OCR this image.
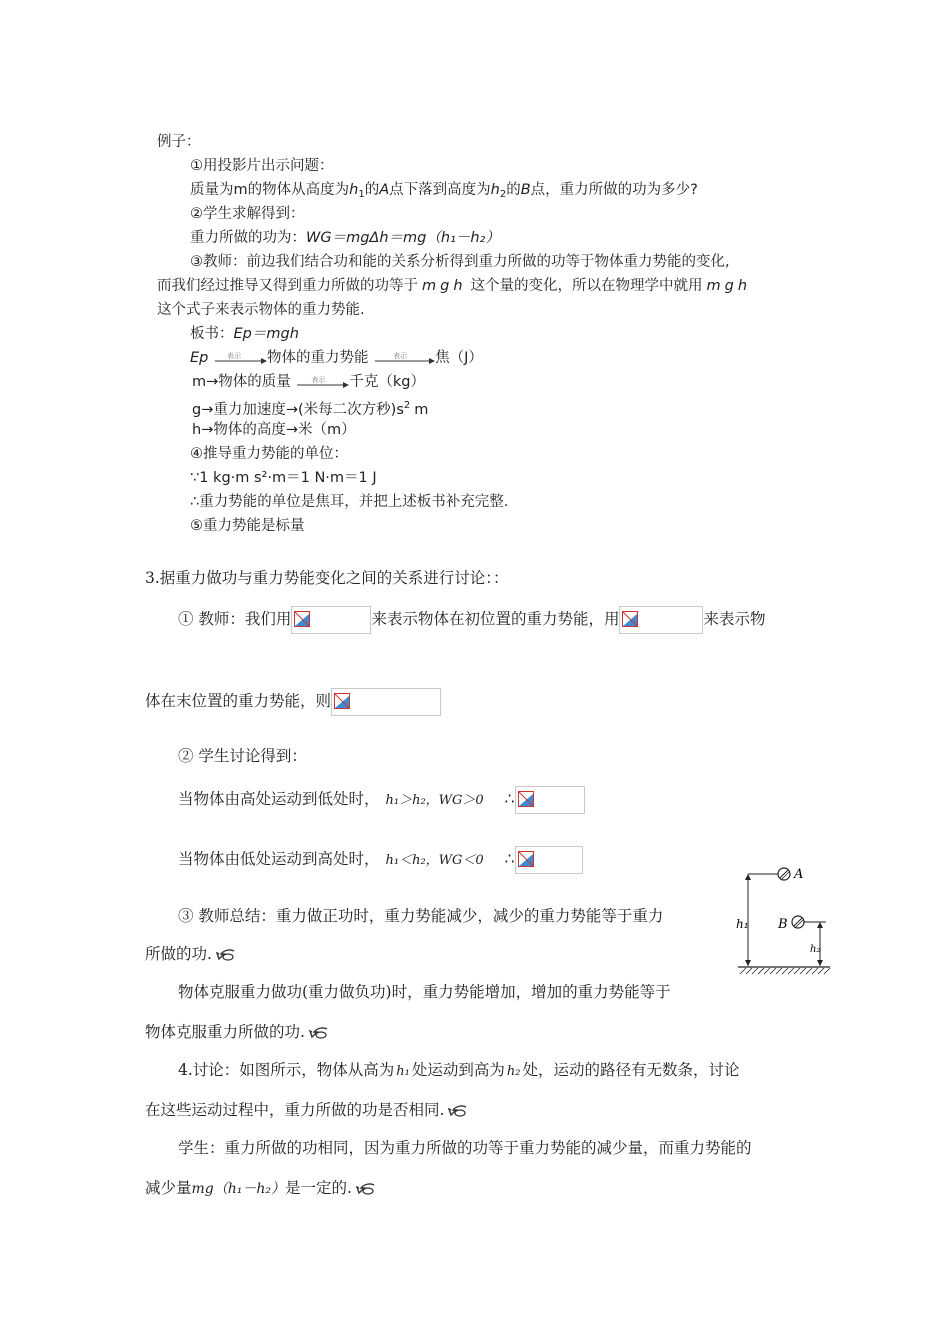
例子：
①用投影片出示问题：
质量为m的物体从高度为$h_1$的A点下落到高度为$h_2$的B点，重力所做的功为多少?
②学生求解得到：
重力所做的功为：WG＝mgΔh＝mg（h₁－h₂）
③教师：前边我们结合功和能的关系分析得到重力所做的功等于物体重力势能的变化,
而我们经过推导又得到重力所做的功等于 mgh 这个量的变化，所以在物理学中就用 mgh
这个式子来表示物体的重力势能.
板书：Ep＝mgh
Ep	表示 物体的重力势能	表示 焦（J）
m→物体的质量	表示 千克（kg）
g→重力加速度→(米每二次方秒)$s^2$ m
h→物体的高度→米（m）
④推导重力势能的单位：
∵1 kg·m s²·m＝1 N·m＝1 J
∴重力势能的单位是焦耳，并把上述板书补充完整.
⑤重力势能是标量
3.据重力做功与重力势能变化之间的关系进行讨论：：
① 教师：我们用	来表示物体在初位置的重力势能，用	来表示物
体在末位置的重力势能，则
② 学生讨论得到：
当物体由高处运动到低处时， h₁＞h₂，WG＞0 ∴
当物体由低处运动到高处时， h₁＜h₂，WG＜0 ∴
③ 教师总结：重力做正功时，重力势能减少，减少的重力势能等于重力
所做的功.
物体克服重力做功(重力做负功)时，重力势能增加，增加的重力势能等于
物体克服重力所做的功.
A
B
h₁
h₂
4.讨论：如图所示，物体从高为 h₁ 处运动到高为 h₂ 处，运动的路径有无数条，讨论
在这些运动过程中，重力所做的功是否相同.
学生：重力所做的功相同，因为重力所做的功等于重力势能的减少量，而重力势能的
减少量mg（h₁－h₂）是一定的.
